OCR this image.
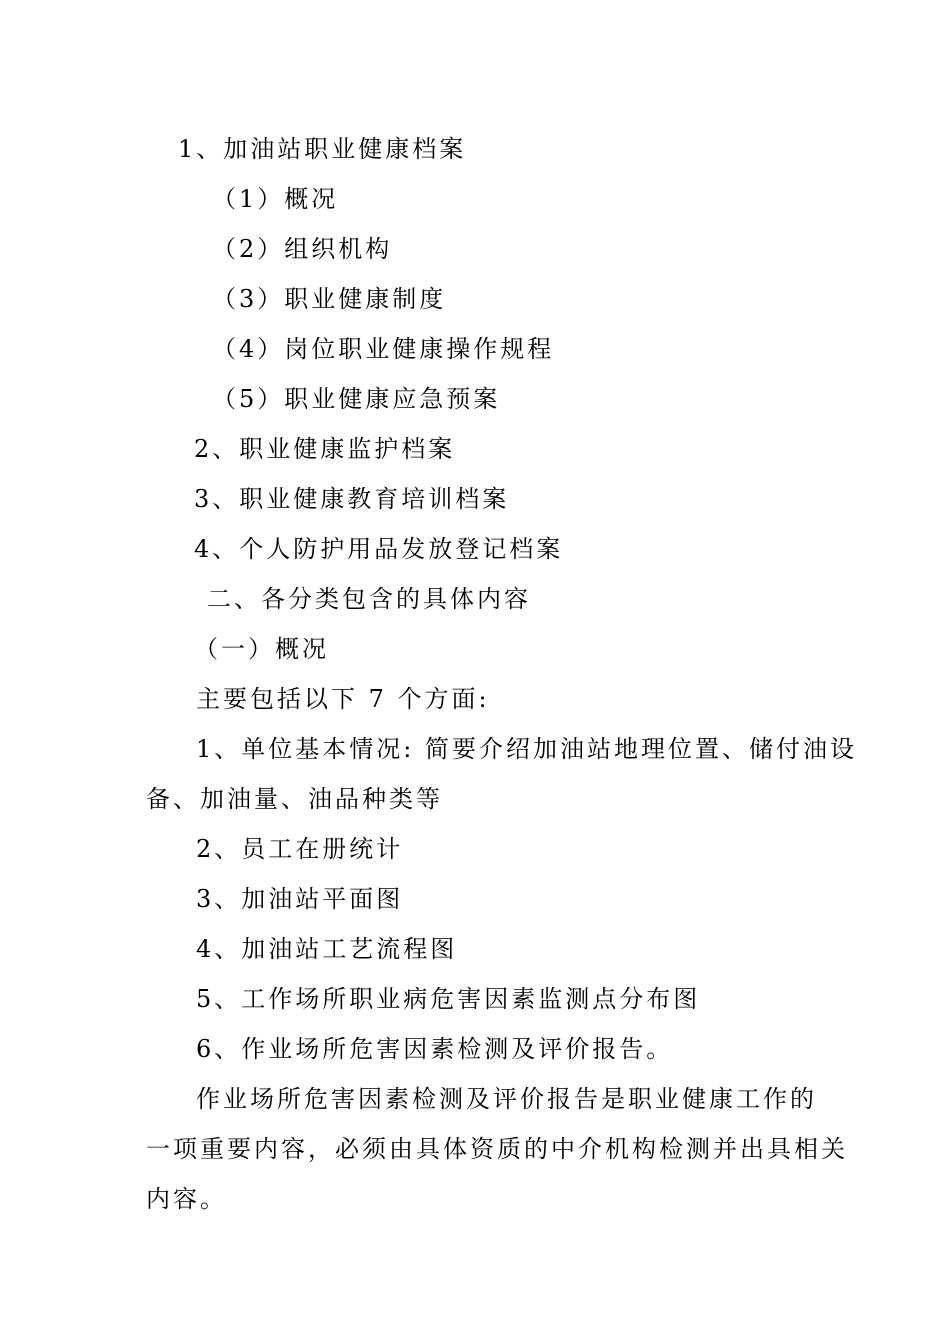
1、加油站职业健康档案
（1）概况
（2）组织机构
（3）职业健康制度
（4）岗位职业健康操作规程
（5）职业健康应急预案
2、职业健康监护档案
3、职业健康教育培训档案
4、个人防护用品发放登记档案
二、各分类包含的具体内容
（一）概况
主要包括以下 7 个方面:
1、单位基本情况: 简要介绍加油站地理位置、储付油设
备、加油量、油品种类等
2、员工在册统计
3、加油站平面图
4、加油站工艺流程图
5、工作场所职业病危害因素监测点分布图
6、作业场所危害因素检测及评价报告。
作业场所危害因素检测及评价报告是职业健康工作的
一项重要内容，必须由具体资质的中介机构检测并出具相关
内容。
